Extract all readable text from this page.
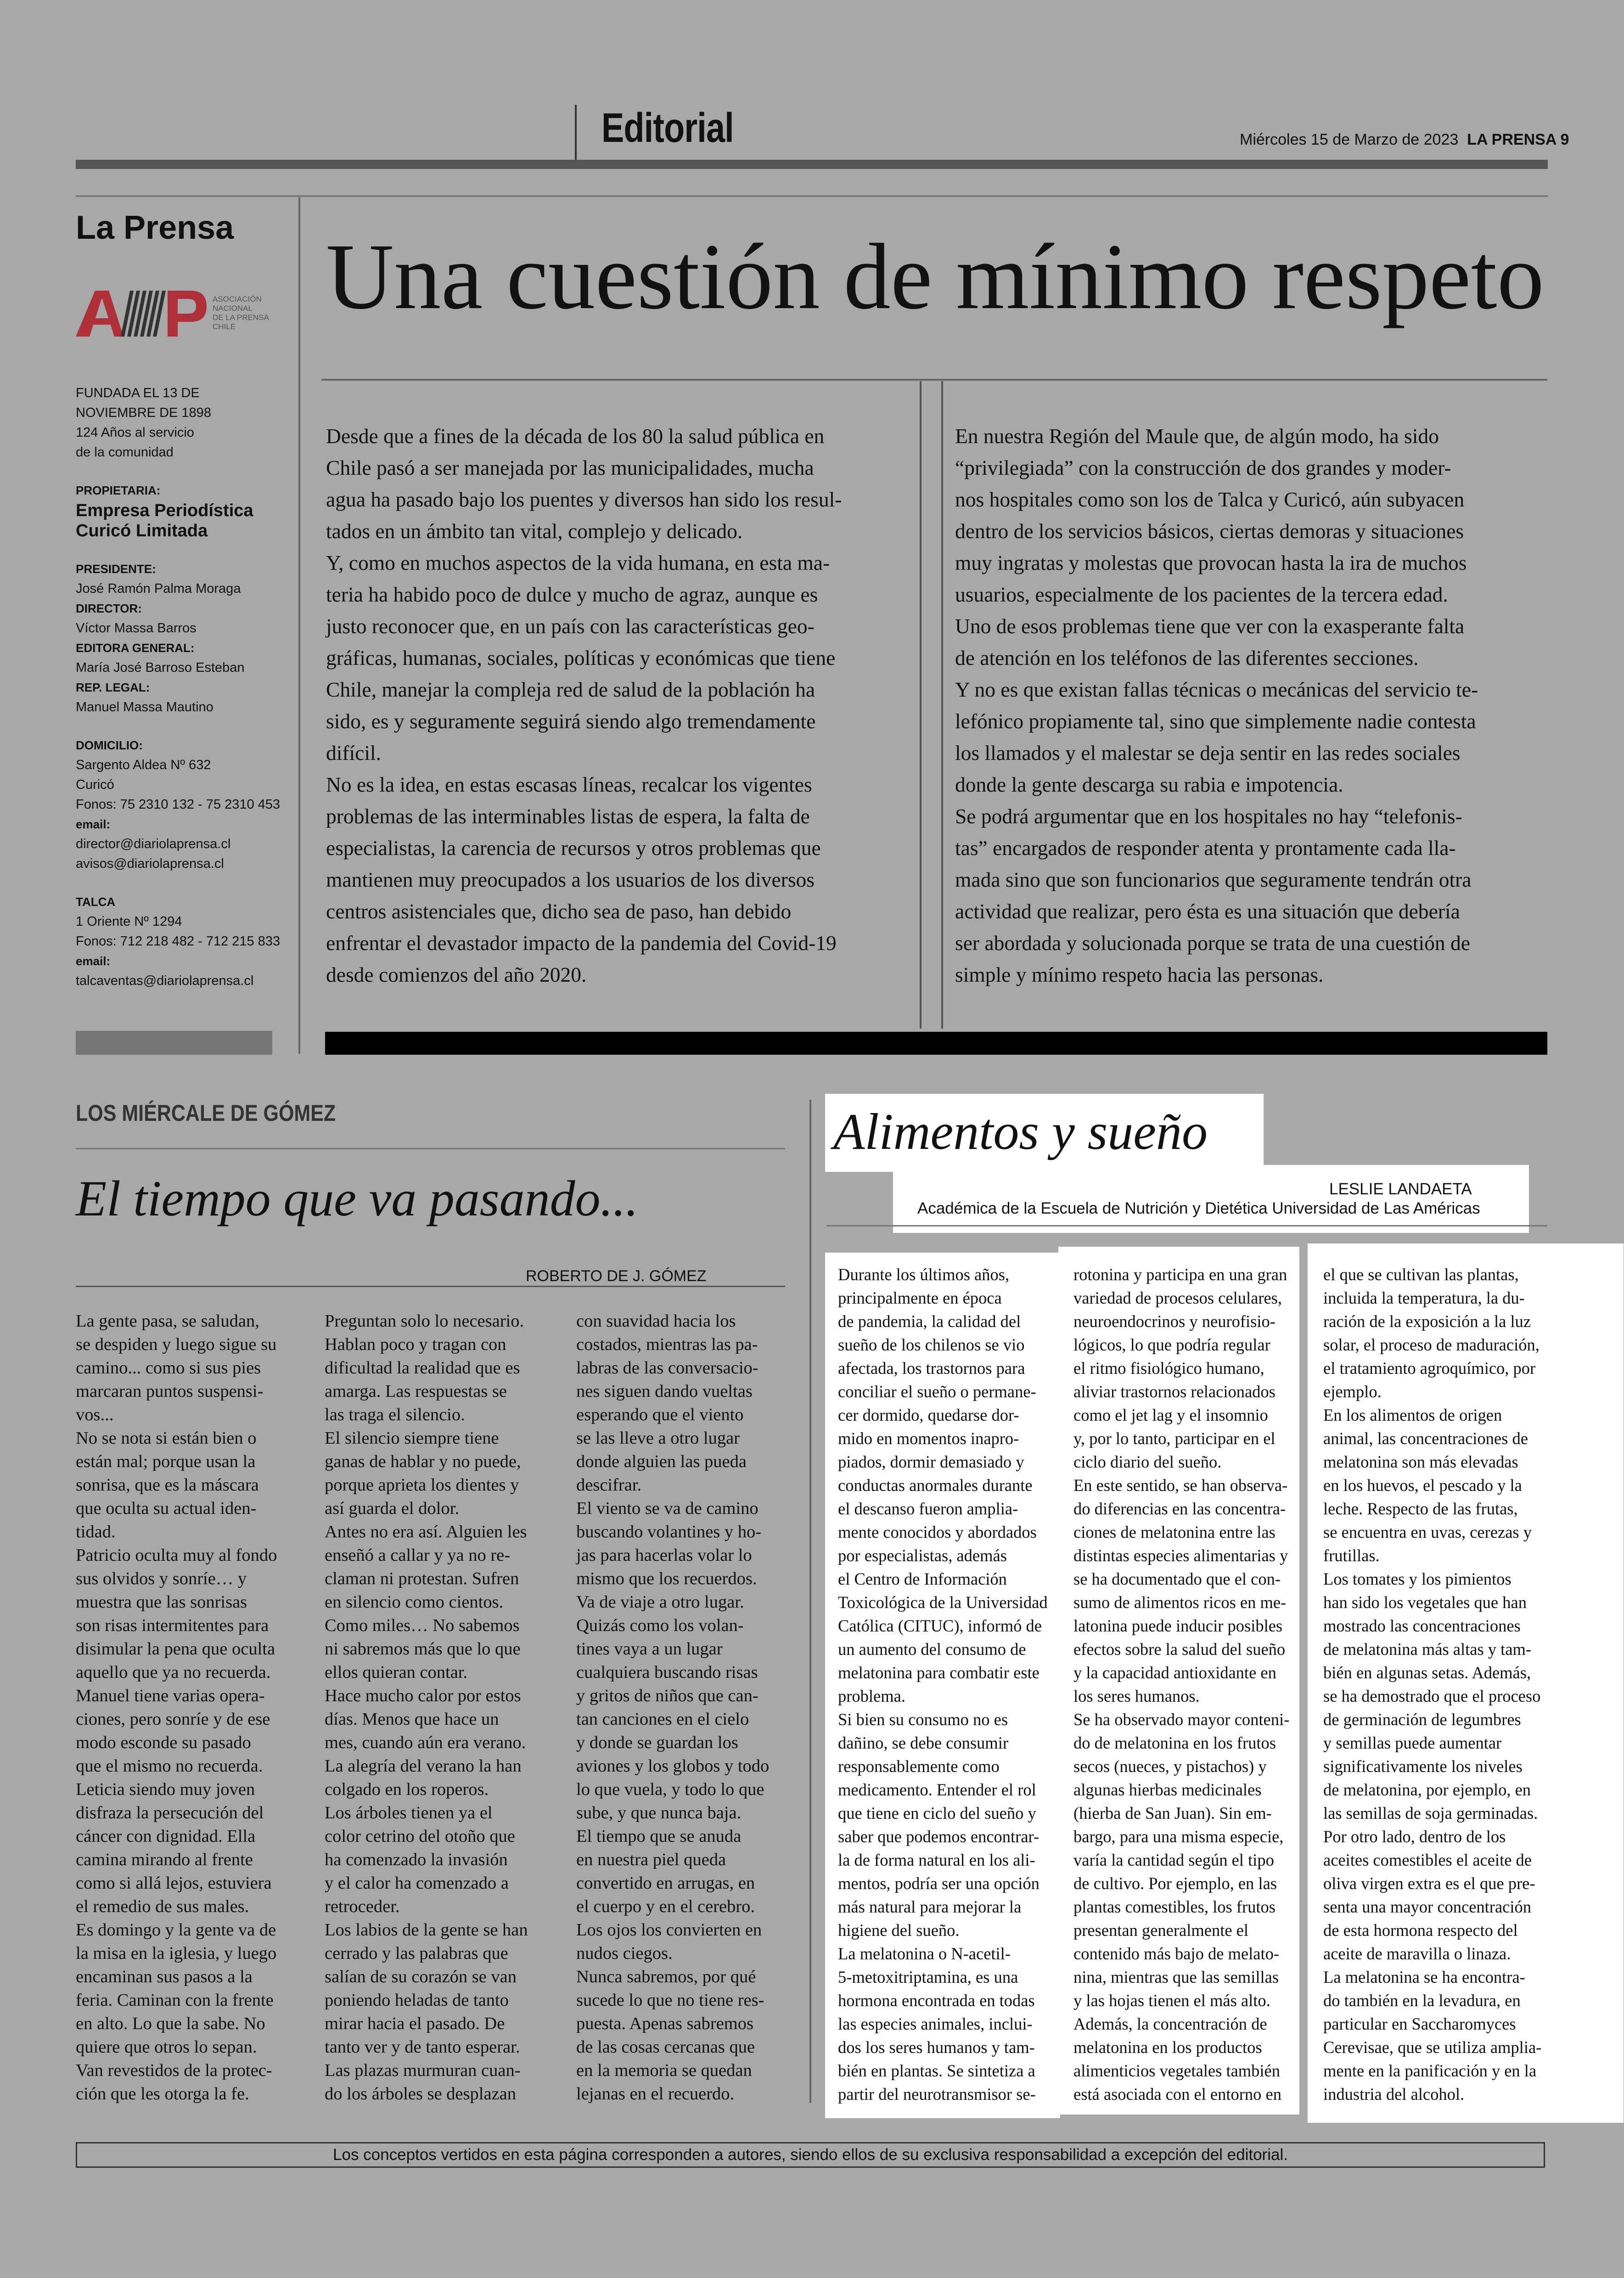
Editorial	Miércoles 15 de Marzo de 2023 LA PRENSA 9
La Prensa
ASOCIACIÓN
NACIONAL
DE LA PRENSA
CHILE
FUNDADA EL 13 DE
NOVIEMBRE DE 1898
124 Años al servicio
de la comunidad
PROPIETARIA:
Empresa Periodística
Curicó Limitada
PRESIDENTE:
José Ramón Palma Moraga
DIRECTOR:
Víctor Massa Barros
EDITORA GENERAL:
María José Barroso Esteban
REP. LEGAL:
Manuel Massa Mautino
DOMICILIO:
Sargento Aldea Nº 632
Curicó
Fonos: 75 2310 132 - 75 2310 453
email:
director@diariolaprensa.cl
avisos@diariolaprensa.cl
TALCA
1 Oriente Nº 1294
Fonos: 712 218 482 - 712 215 833
email:
talcaventas@diariolaprensa.cl
Una cuestión de mínimo respeto
Desde que a fines de la década de los 80 la salud pública en
Chile pasó a ser manejada por las municipalidades, mucha
agua ha pasado bajo los puentes y diversos han sido los resul-
tados en un ámbito tan vital, complejo y delicado.
Y, como en muchos aspectos de la vida humana, en esta ma-
teria ha habido poco de dulce y mucho de agraz, aunque es
justo reconocer que, en un país con las características geo-
gráficas, humanas, sociales, políticas y económicas que tiene
Chile, manejar la compleja red de salud de la población ha
sido, es y seguramente seguirá siendo algo tremendamente
difícil.
No es la idea, en estas escasas líneas, recalcar los vigentes
problemas de las interminables listas de espera, la falta de
especialistas, la carencia de recursos y otros problemas que
mantienen muy preocupados a los usuarios de los diversos
centros asistenciales que, dicho sea de paso, han debido
enfrentar el devastador impacto de la pandemia del Covid-19
desde comienzos del año 2020.
En nuestra Región del Maule que, de algún modo, ha sido
“privilegiada” con la construcción de dos grandes y moder-
nos hospitales como son los de Talca y Curicó, aún subyacen
dentro de los servicios básicos, ciertas demoras y situaciones
muy ingratas y molestas que provocan hasta la ira de muchos
usuarios, especialmente de los pacientes de la tercera edad.
Uno de esos problemas tiene que ver con la exasperante falta
de atención en los teléfonos de las diferentes secciones.
Y no es que existan fallas técnicas o mecánicas del servicio te-
lefónico propiamente tal, sino que simplemente nadie contesta
los llamados y el malestar se deja sentir en las redes sociales
donde la gente descarga su rabia e impotencia.
Se podrá argumentar que en los hospitales no hay “telefonis-
tas” encargados de responder atenta y prontamente cada lla-
mada sino que son funcionarios que seguramente tendrán otra
actividad que realizar, pero ésta es una situación que debería
ser abordada y solucionada porque se trata de una cuestión de
simple y mínimo respeto hacia las personas.
LOS MIÉRCALE DE GÓMEZ
El tiempo que va pasando...
ROBERTO DE J. GÓMEZ
La gente pasa, se saludan,
se despiden y luego sigue su
camino... como si sus pies
marcaran puntos suspensi-
vos...
No se nota si están bien o
están mal; porque usan la
sonrisa, que es la máscara
que oculta su actual iden-
tidad.
Patricio oculta muy al fondo
sus olvidos y sonríe… y
muestra que las sonrisas
son risas intermitentes para
disimular la pena que oculta
aquello que ya no recuerda.
Manuel tiene varias opera-
ciones, pero sonríe y de ese
modo esconde su pasado
que el mismo no recuerda.
Leticia siendo muy joven
disfraza la persecución del
cáncer con dignidad. Ella
camina mirando al frente
como si allá lejos, estuviera
el remedio de sus males.
Es domingo y la gente va de
la misa en la iglesia, y luego
encaminan sus pasos a la
feria. Caminan con la frente
en alto. Lo que la sabe. No
quiere que otros lo sepan.
Van revestidos de la protec-
ción que les otorga la fe.
Preguntan solo lo necesario.
Hablan poco y tragan con
dificultad la realidad que es
amarga. Las respuestas se
las traga el silencio.
El silencio siempre tiene
ganas de hablar y no puede,
porque aprieta los dientes y
así guarda el dolor.
Antes no era así. Alguien les
enseñó a callar y ya no re-
claman ni protestan. Sufren
en silencio como cientos.
Como miles… No sabemos
ni sabremos más que lo que
ellos quieran contar.
Hace mucho calor por estos
días. Menos que hace un
mes, cuando aún era verano.
La alegría del verano la han
colgado en los roperos.
Los árboles tienen ya el
color cetrino del otoño que
ha comenzado la invasión
y el calor ha comenzado a
retroceder.
Los labios de la gente se han
cerrado y las palabras que
salían de su corazón se van
poniendo heladas de tanto
mirar hacia el pasado. De
tanto ver y de tanto esperar.
Las plazas murmuran cuan-
do los árboles se desplazan
con suavidad hacia los
costados, mientras las pa-
labras de las conversacio-
nes siguen dando vueltas
esperando que el viento
se las lleve a otro lugar
donde alguien las pueda
descifrar.
El viento se va de camino
buscando volantines y ho-
jas para hacerlas volar lo
mismo que los recuerdos.
Va de viaje a otro lugar.
Quizás como los volan-
tines vaya a un lugar
cualquiera buscando risas
y gritos de niños que can-
tan canciones en el cielo
y donde se guardan los
aviones y los globos y todo
lo que vuela, y todo lo que
sube, y que nunca baja.
El tiempo que se anuda
en nuestra piel queda
convertido en arrugas, en
el cuerpo y en el cerebro.
Los ojos los convierten en
nudos ciegos.
Nunca sabremos, por qué
sucede lo que no tiene res-
puesta. Apenas sabremos
de las cosas cercanas que
en la memoria se quedan
lejanas en el recuerdo.
Alimentos y sueño
LESLIE LANDAETA
Académica de la Escuela de Nutrición y Dietética Universidad de Las Américas
Durante los últimos años,
principalmente en época
de pandemia, la calidad del
sueño de los chilenos se vio
afectada, los trastornos para
conciliar el sueño o permane-
cer dormido, quedarse dor-
mido en momentos inapro-
piados, dormir demasiado y
conductas anormales durante
el descanso fueron amplia-
mente conocidos y abordados
por especialistas, además
el Centro de Información
Toxicológica de la Universidad
Católica (CITUC), informó de
un aumento del consumo de
melatonina para combatir este
problema.
Si bien su consumo no es
dañino, se debe consumir
responsablemente como
medicamento. Entender el rol
que tiene en ciclo del sueño y
saber que podemos encontrar-
la de forma natural en los ali-
mentos, podría ser una opción
más natural para mejorar la
higiene del sueño.
La melatonina o N-acetil-
5-metoxitriptamina, es una
hormona encontrada en todas
las especies animales, inclui-
dos los seres humanos y tam-
bién en plantas. Se sintetiza a
partir del neurotransmisor se-
rotonina y participa en una gran
variedad de procesos celulares,
neuroendocrinos y neurofisio-
lógicos, lo que podría regular
el ritmo fisiológico humano,
aliviar trastornos relacionados
como el jet lag y el insomnio
y, por lo tanto, participar en el
ciclo diario del sueño.
En este sentido, se han observa-
do diferencias en las concentra-
ciones de melatonina entre las
distintas especies alimentarias y
se ha documentado que el con-
sumo de alimentos ricos en me-
latonina puede inducir posibles
efectos sobre la salud del sueño
y la capacidad antioxidante en
los seres humanos.
Se ha observado mayor conteni-
do de melatonina en los frutos
secos (nueces, y pistachos) y
algunas hierbas medicinales
(hierba de San Juan). Sin em-
bargo, para una misma especie,
varía la cantidad según el tipo
de cultivo. Por ejemplo, en las
plantas comestibles, los frutos
presentan generalmente el
contenido más bajo de melato-
nina, mientras que las semillas
y las hojas tienen el más alto.
Además, la concentración de
melatonina en los productos
alimenticios vegetales también
está asociada con el entorno en
el que se cultivan las plantas,
incluida la temperatura, la du-
ración de la exposición a la luz
solar, el proceso de maduración,
el tratamiento agroquímico, por
ejemplo.
En los alimentos de origen
animal, las concentraciones de
melatonina son más elevadas
en los huevos, el pescado y la
leche. Respecto de las frutas,
se encuentra en uvas, cerezas y
frutillas.
Los tomates y los pimientos
han sido los vegetales que han
mostrado las concentraciones
de melatonina más altas y tam-
bién en algunas setas. Además,
se ha demostrado que el proceso
de germinación de legumbres
y semillas puede aumentar
significativamente los niveles
de melatonina, por ejemplo, en
las semillas de soja germinadas.
Por otro lado, dentro de los
aceites comestibles el aceite de
oliva virgen extra es el que pre-
senta una mayor concentración
de esta hormona respecto del
aceite de maravilla o linaza.
La melatonina se ha encontra-
do también en la levadura, en
particular en Saccharomyces
Cerevisae, que se utiliza amplia-
mente en la panificación y en la
industria del alcohol.
Los conceptos vertidos en esta página corresponden a autores, siendo ellos de su exclusiva responsabilidad a excepción del editorial.
